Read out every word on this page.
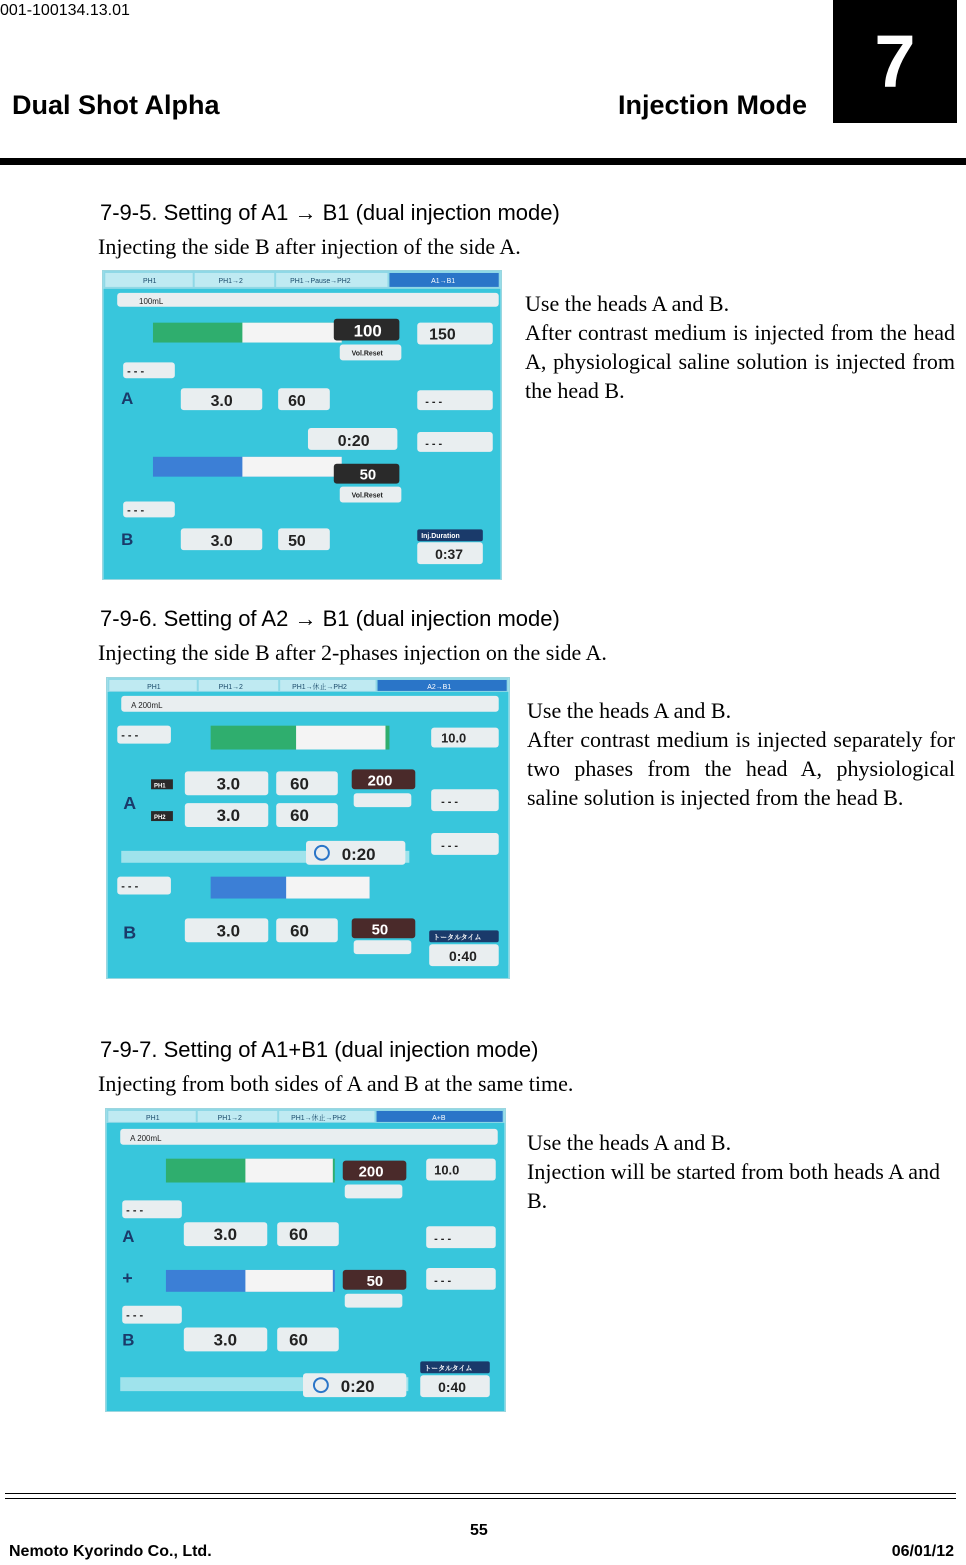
001-100134.13.01
Dual Shot Alpha	Injection Mode
7
7-9-5. Setting of A1 → B1 (dual injection mode)
Injecting the side B after injection of the side A.
PH1	PH1→2	PH1→Pause→PH2	A1→B1
100mL
100
Vol.Reset
150
- - -
A	3.0	60	- - -
0:20	- - -
50
Vol.Reset
- - -
B	3.0	50	Inj.Duration
0:37

Use the heads A and B.

After contrast medium is injected from the head A, physiological saline solution is injected from the head B.

7-9-6. Setting of A2 → B1 (dual injection mode)
Injecting the side B after 2-phases injection on the side A.
PH1	PH1→2	PH1→休止→PH2	A2→B1
A 200mL
- - -	10.0
A
PH1
PH2
3.0	60
3.0	60
200
- - -
- - -
0:20
- - -
B	3.0	60	50	トータルタイム
0:40

Use the heads A and B.

After contrast medium is injected separately for two phases from the head A, physiological saline solution is injected from the head B.

7-9-7. Setting of A1+B1 (dual injection mode)
Injecting from both sides of A and B at the same time.
PH1	PH1→2	PH1→休止→PH2	A+B
A 200mL
200	10.0
- - -
A	3.0	60	- - -
+	50	- - -
- - -
B	3.0	60
0:20
トータルタイム
0:40

Use the heads A and B.

Injection will be started from both heads A and B.

55
Nemoto Kyorindo Co., Ltd.	06/01/12
